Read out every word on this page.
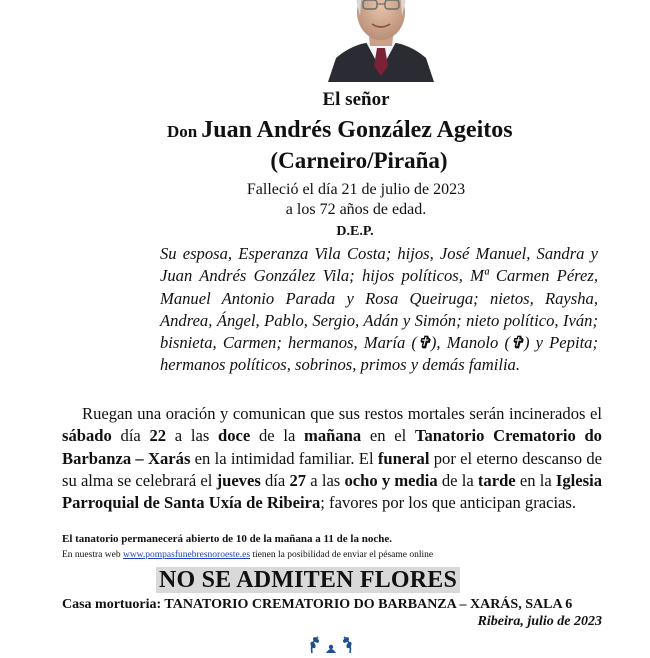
El señor
Don Juan Andrés González Ageitos
(Carneiro/Piraña)
Falleció el día 21 de julio de 2023
a los 72 años de edad.
D.E.P.
Su esposa, Esperanza Vila Costa; hijos, José Manuel, Sandra y Juan Andrés González Vila; hijos políticos, Mª Carmen Pérez, Manuel Antonio Parada y Rosa Queiruga; nietos, Raysha, Andrea, Ángel, Pablo, Sergio, Adán y Simón; nieto político, Iván; bisnieta, Carmen; hermanos, María (✞), Manolo (✞) y Pepita; hermanos políticos, sobrinos, primos y demás familia.
Ruegan una oración y comunican que sus restos mortales serán incinerados el sábado día 22 a las doce de la mañana en el Tanatorio Crematorio do Barbanza – Xarás en la intimidad familiar. El funeral por el eterno descanso de su alma se celebrará el jueves día 27 a las ocho y media de la tarde en la Iglesia Parroquial de Santa Uxía de Ribeira; favores por los que anticipan gracias.
El tanatorio permanecerá abierto de 10 de la mañana a 11 de la noche.
En nuestra web www.pompasfunebresnoroeste.es tienen la posibilidad de enviar el pésame online
NO SE ADMITEN FLORES
Casa mortuoria: TANATORIO CREMATORIO DO BARBANZA – XARÁS, SALA 6
Ribeira, julio de 2023
